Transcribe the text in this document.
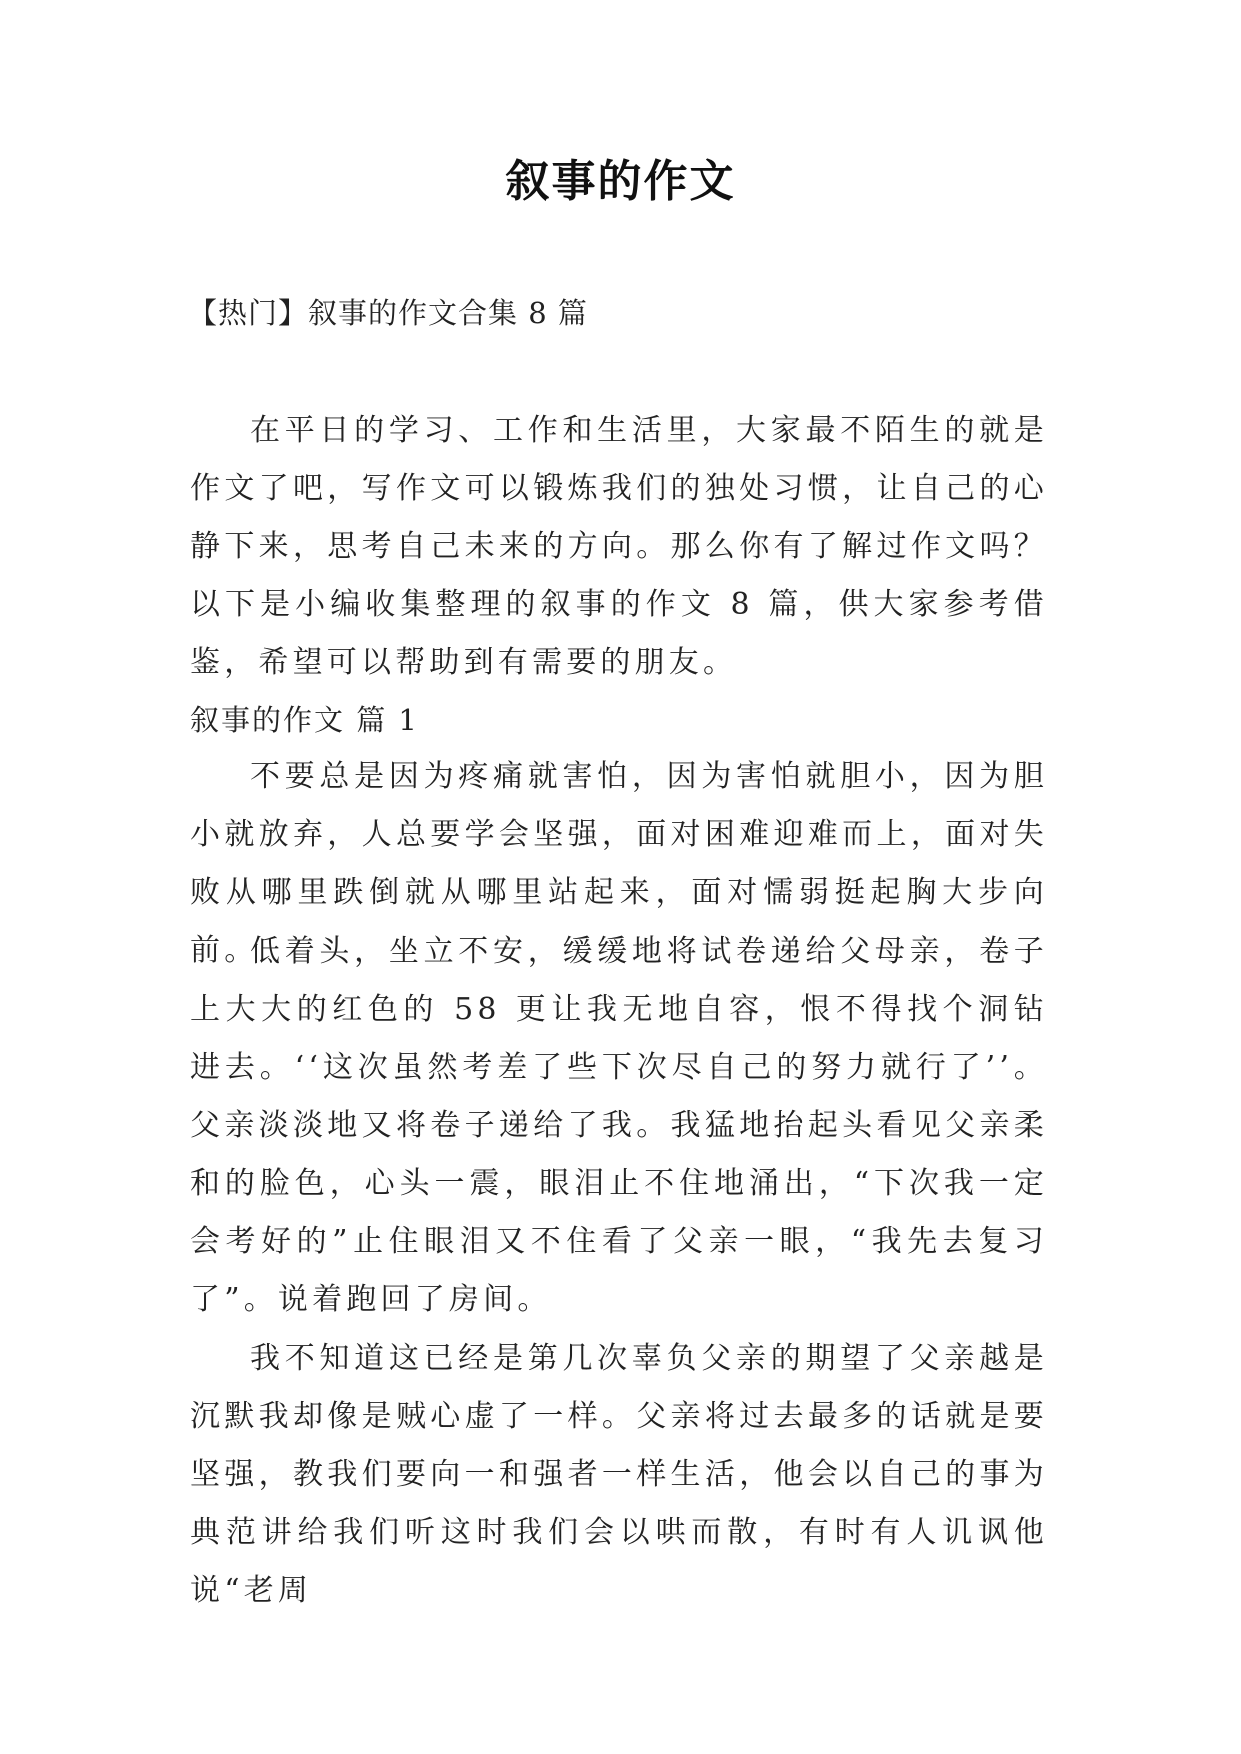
叙事的作文
【热门】叙事的作文合集 8 篇

在平日的学习、工作和生活里，大家最不陌生的就是作文了吧，写作文可以锻炼我们的独处习惯，让自己的心静下来，思考自己未来的方向。那么你有了解过作文吗？以下是小编收集整理的叙事的作文 8 篇，供大家参考借鉴，希望可以帮助到有需要的朋友。

叙事的作文 篇 1

不要总是因为疼痛就害怕，因为害怕就胆小，因为胆小就放弃，人总要学会坚强，面对困难迎难而上，面对失败从哪里跌倒就从哪里站起来，面对懦弱挺起胸大步向前。

低着头，坐立不安，缓缓地将试卷递给父母亲，卷子上大大的红色的 58 更让我无地自容，恨不得找个洞钻进去。‘‘这次虽然考差了些下次尽自己的努力就行了’’。父亲淡淡地又将卷子递给了我。我猛地抬起头看见父亲柔和的脸色，心头一震，眼泪止不住地涌出，“下次我一定会考好的”止住眼泪又不住看了父亲一眼，“我先去复习了”。说着跑回了房间。

我不知道这已经是第几次辜负父亲的期望了父亲越是沉默我却像是贼心虚了一样。父亲将过去最多的话就是要坚强，教我们要向一和强者一样生活，他会以自己的事为典范讲给我们听这时我们会以哄而散，有时有人讥讽他说“老周
